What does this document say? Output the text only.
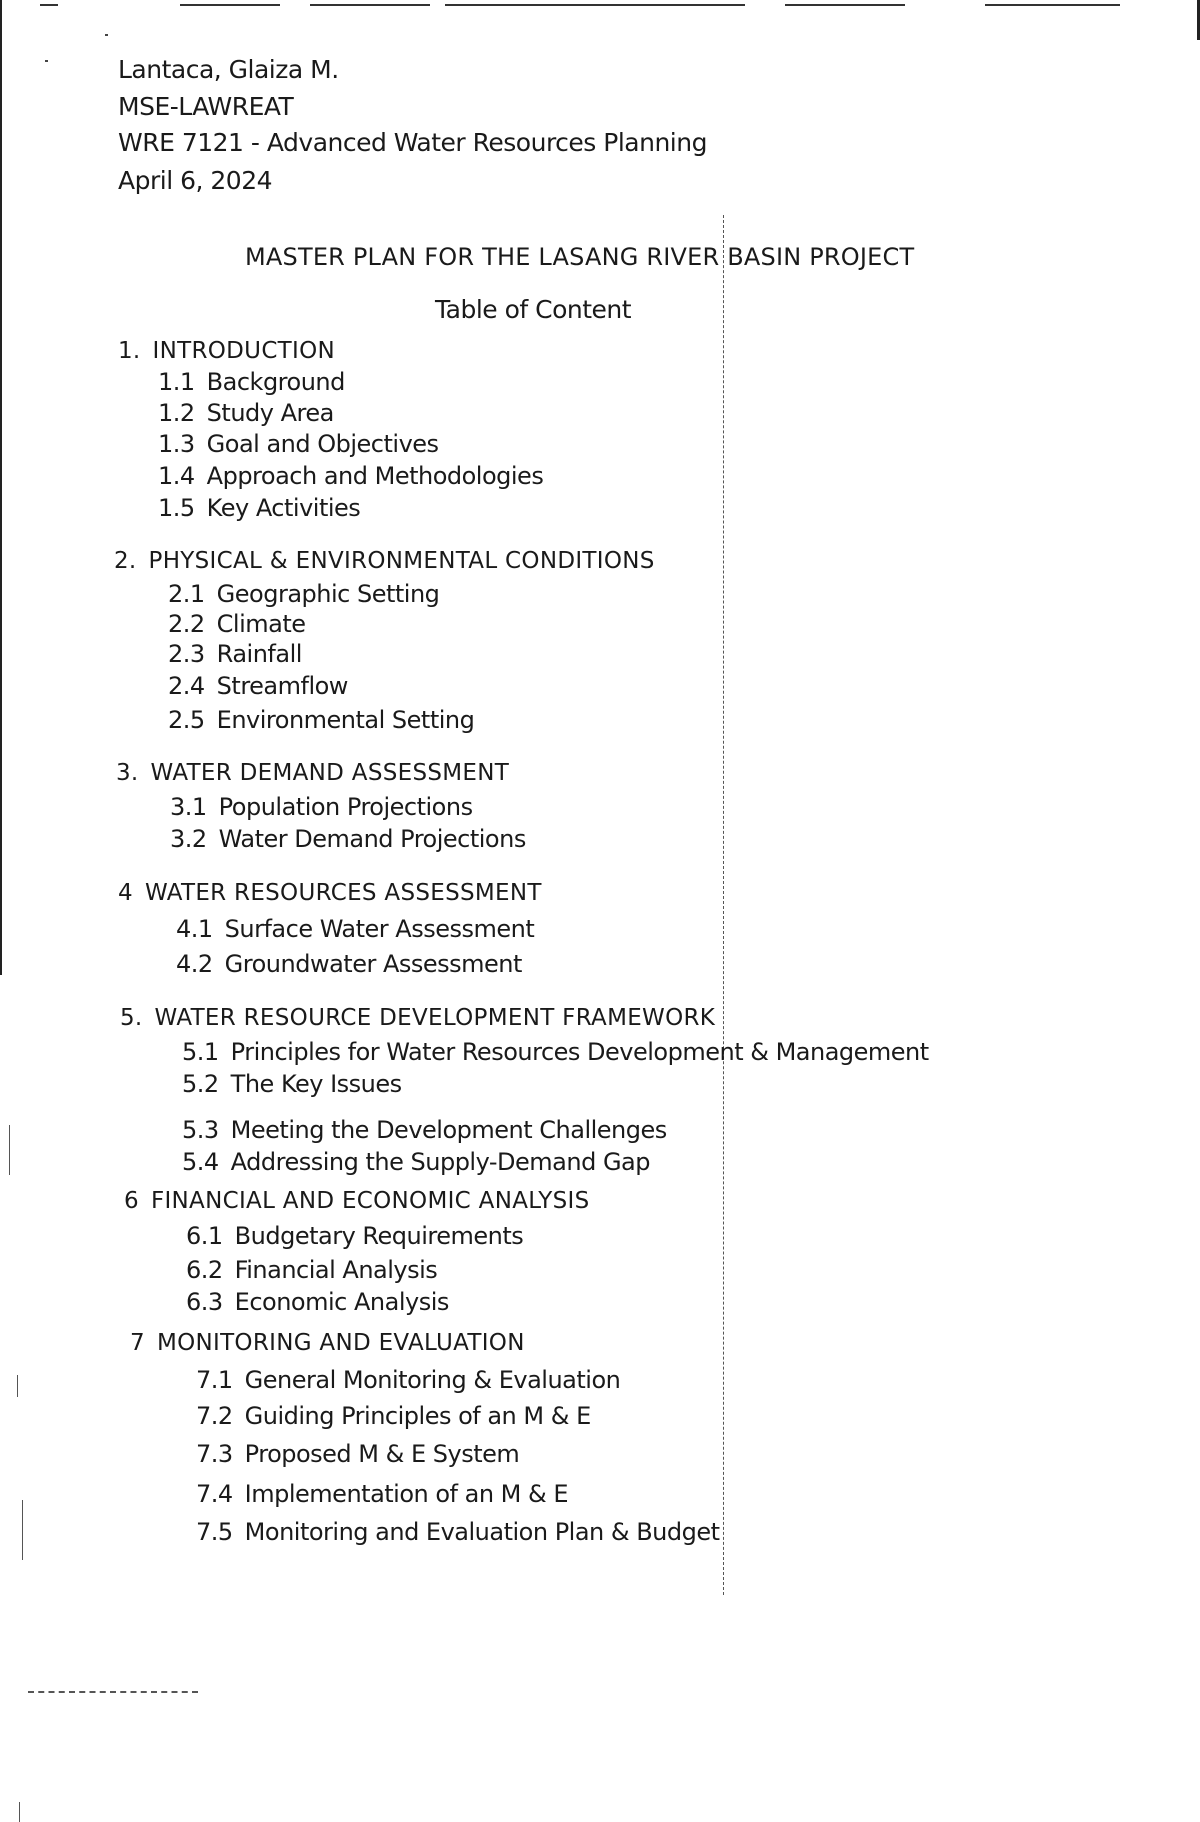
Lantaca, Glaiza M.
MSE-LAWREAT
WRE 7121 - Advanced Water Resources Planning
April 6, 2024
MASTER PLAN FOR THE LASANG RIVER BASIN PROJECT
Table of Content
1. INTRODUCTION
1.1 Background
1.2 Study Area
1.3 Goal and Objectives
1.4 Approach and Methodologies
1.5 Key Activities
2. PHYSICAL & ENVIRONMENTAL CONDITIONS
2.1 Geographic Setting
2.2 Climate
2.3 Rainfall
2.4 Streamflow
2.5 Environmental Setting
3. WATER DEMAND ASSESSMENT
3.1 Population Projections
3.2 Water Demand Projections
4 WATER RESOURCES ASSESSMENT
4.1 Surface Water Assessment
4.2 Groundwater Assessment
5. WATER RESOURCE DEVELOPMENT FRAMEWORK
5.1 Principles for Water Resources Development & Management
5.2 The Key Issues
5.3 Meeting the Development Challenges
5.4 Addressing the Supply-Demand Gap
6 FINANCIAL AND ECONOMIC ANALYSIS
6.1 Budgetary Requirements
6.2 Financial Analysis
6.3 Economic Analysis
7 MONITORING AND EVALUATION
7.1 General Monitoring & Evaluation
7.2 Guiding Principles of an M & E
7.3 Proposed M & E System
7.4 Implementation of an M & E
7.5 Monitoring and Evaluation Plan & Budget
